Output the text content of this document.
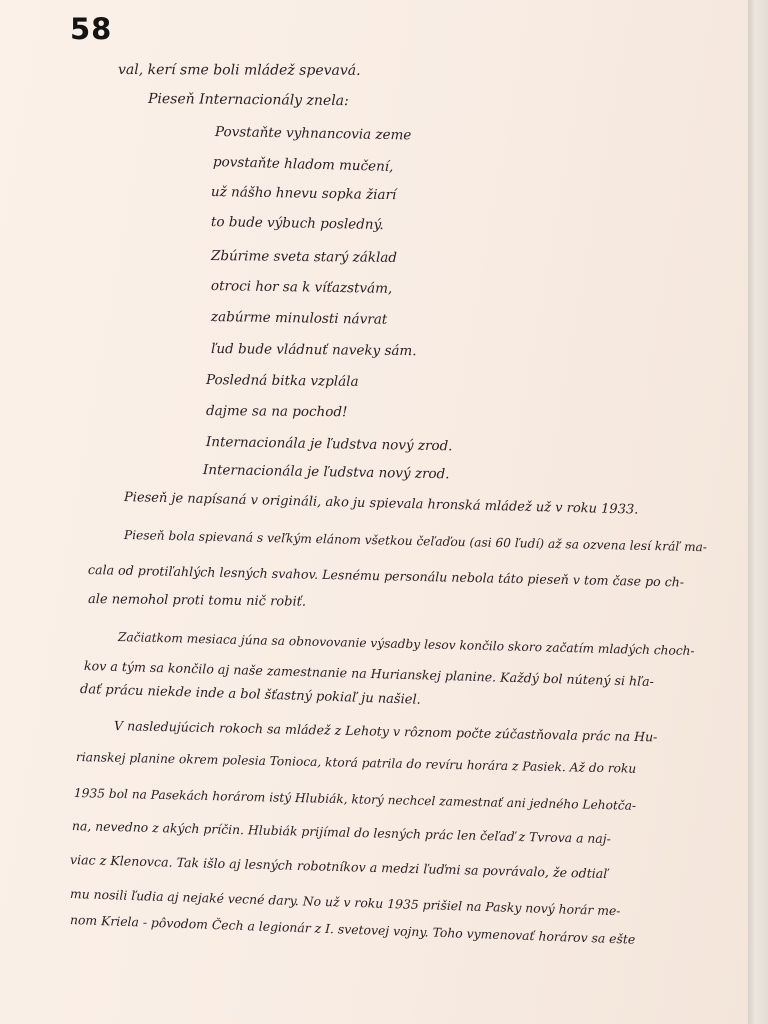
58
val, kerí sme boli mládež spevavá.
Pieseň Internacionály znela:
Povstaňte vyhnancovia zeme
povstaňte hladom mučení,
už nášho hnevu sopka žiarí
to bude výbuch posledný.
Zbúrime sveta starý základ
otroci hor sa k víťazstvám,
zabúrme minulosti návrat
ľud bude vládnuť naveky sám.
Posledná bitka vzplála
dajme sa na pochod!
Internacionála je ľudstva nový zrod.
Internacionála je ľudstva nový zrod.
Pieseň je napísaná v origináli, ako ju spievala hronská mládež už v roku 1933.
Pieseň bola spievaná s veľkým elánom všetkou čeľaďou (asi 60 ľudí) až sa ozvena lesí kráľ ma-
cala od protiľahlých lesných svahov. Lesnému personálu nebola táto pieseň v tom čase po ch-
ale nemohol proti tomu nič robiť.
Začiatkom mesiaca júna sa obnovovanie výsadby lesov končilo skoro začatím mladých choch-
kov a tým sa končilo aj naše zamestnanie na Hurianskej planine. Každý bol nútený si hľa-
dať prácu niekde inde a bol šťastný pokiaľ ju našiel.
V nasledujúcich rokoch sa mládež z Lehoty v rôznom počte zúčastňovala prác na Hu-
rianskej planine okrem polesia Tonioca, ktorá patrila do revíru horára z Pasiek. Až do roku
1935 bol na Pasekách horárom istý Hlubiák, ktorý nechcel zamestnať ani jedného Lehotča-
na, nevedno z akých príčin. Hlubiák prijímal do lesných prác len čeľaď z Tvrova a naj-
viac z Klenovca. Tak išlo aj lesných robotníkov a medzi ľuďmi sa povrávalo, že odtiaľ
mu nosili ľudia aj nejaké vecné dary. No už v roku 1935 prišiel na Pasky nový horár me-
nom Kriela - pôvodom Čech a legionár z I. svetovej vojny. Toho vymenovať horárov sa ešte
